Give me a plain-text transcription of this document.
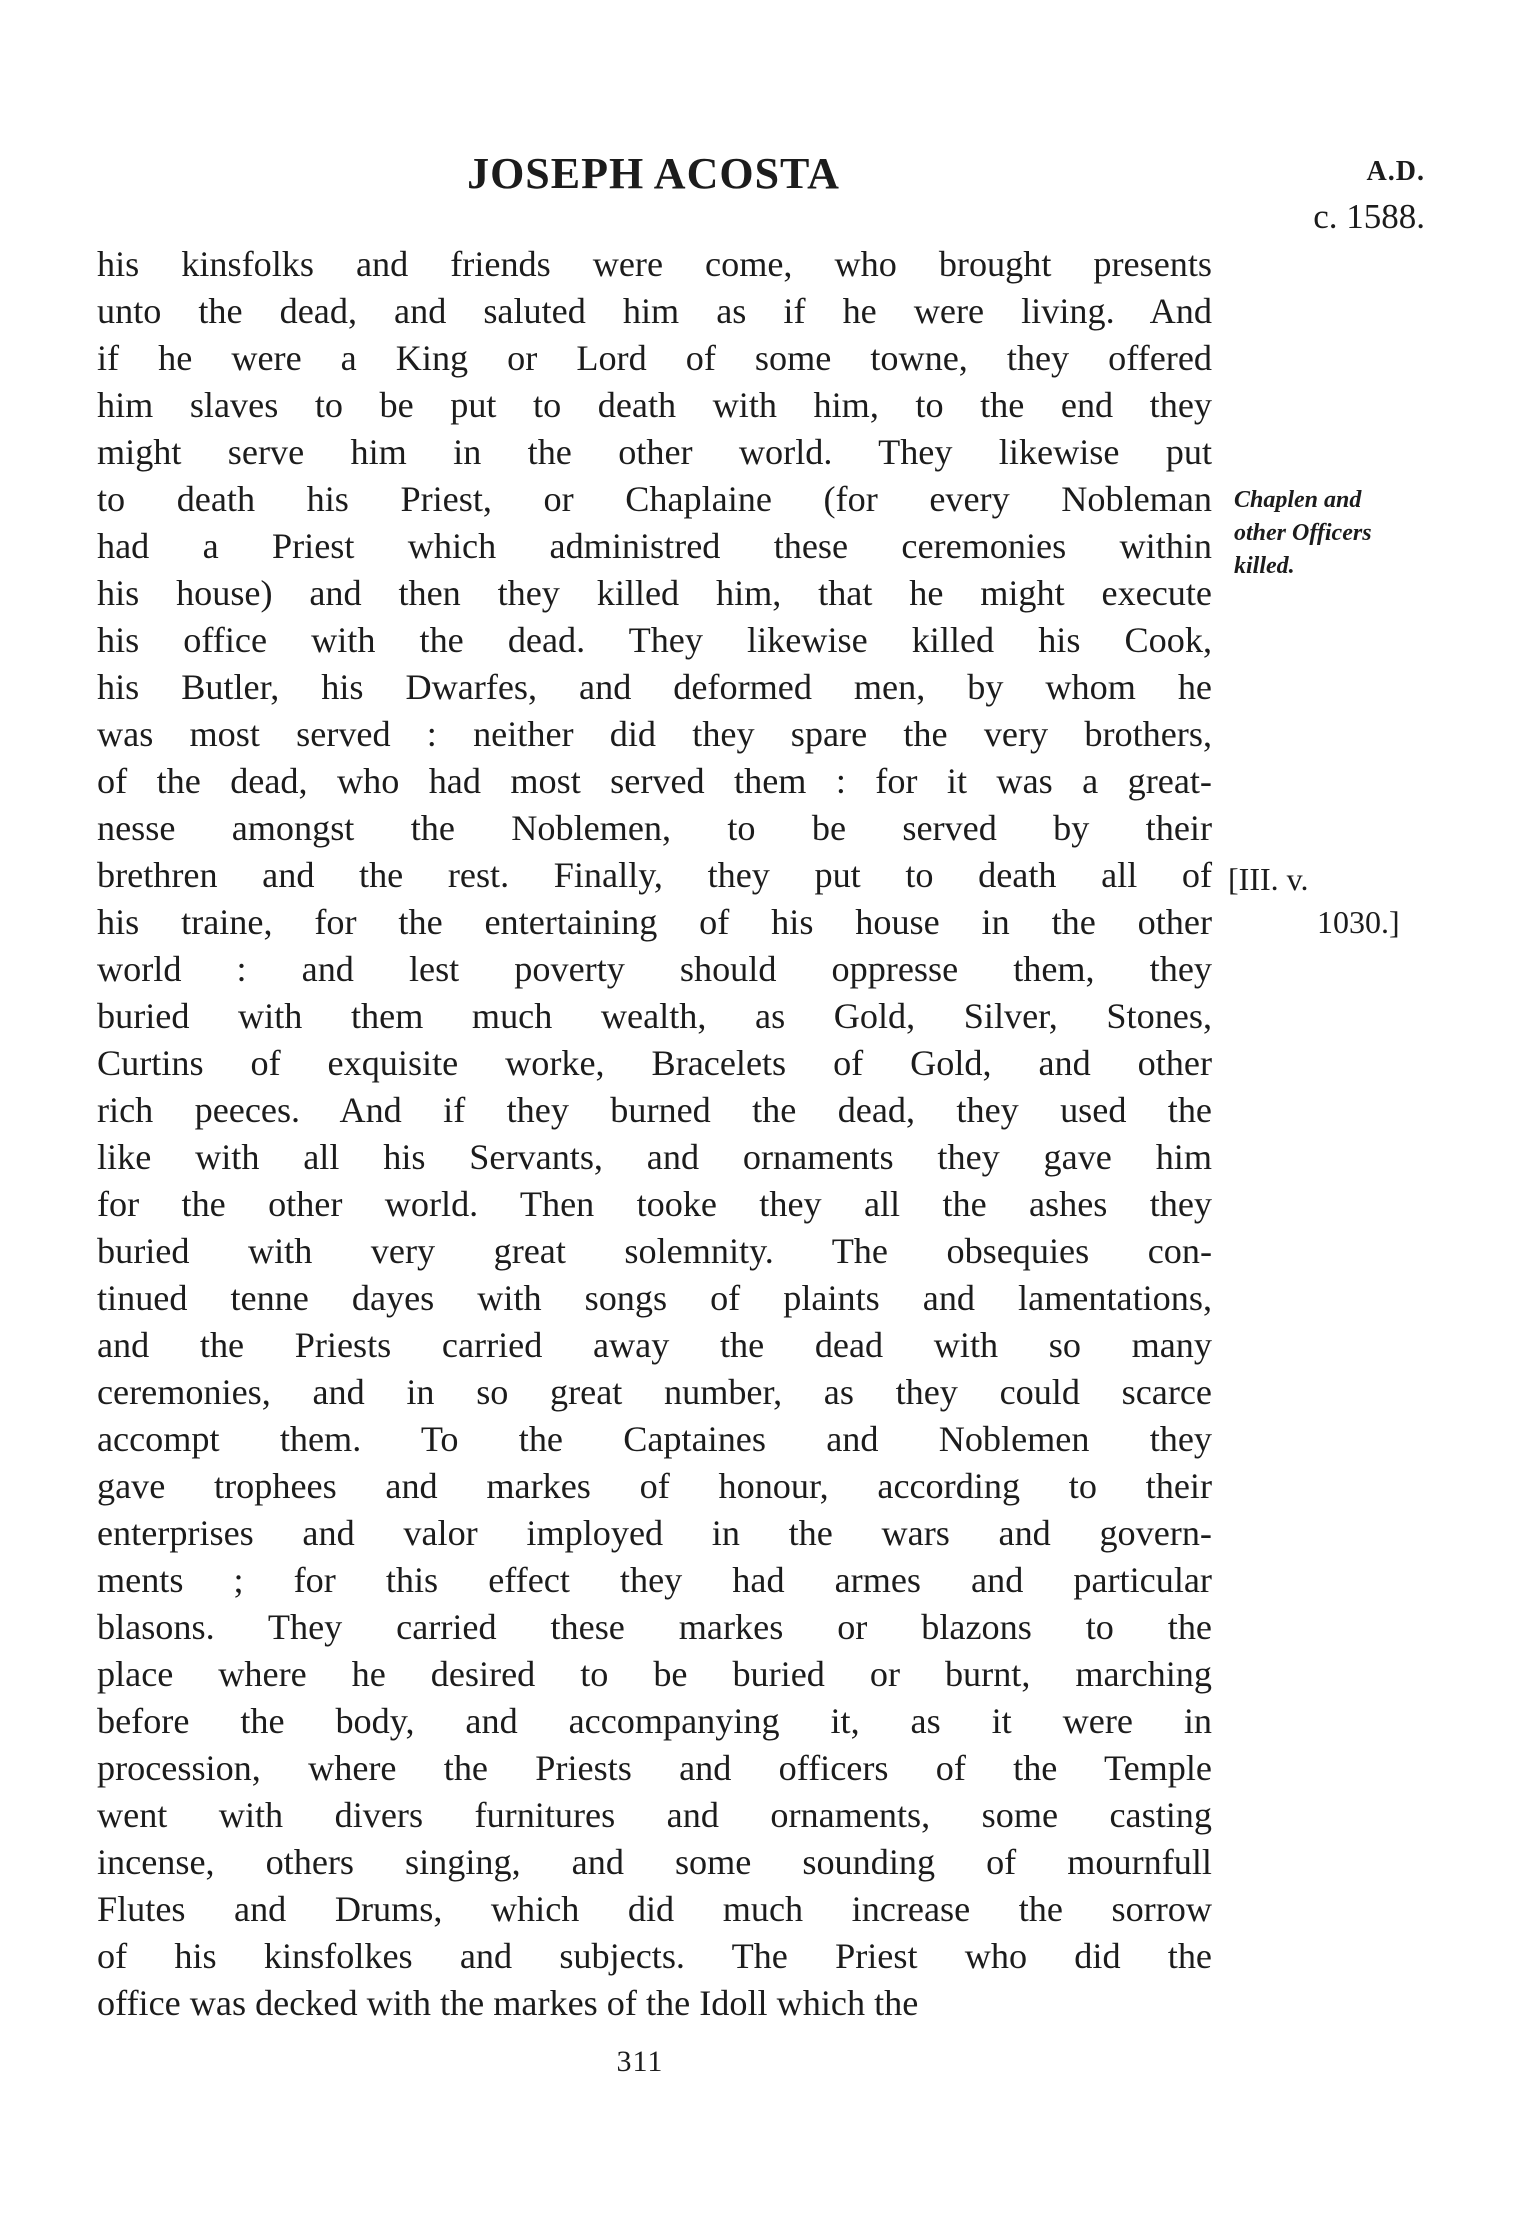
JOSEPH ACOSTA	A.D.
c. 1588.
his kinsfolks and friends were come, who brought presents
unto the dead, and saluted him as if he were living. And
if he were a King or Lord of some towne, they offered
him slaves to be put to death with him, to the end they
might serve him in the other world. They likewise put
to death his Priest, or Chaplaine (for every Nobleman
had a Priest which administred these ceremonies within
his house) and then they killed him, that he might execute
his office with the dead. They likewise killed his Cook,
his Butler, his Dwarfes, and deformed men, by whom he
was most served : neither did they spare the very brothers,
of the dead, who had most served them : for it was a great-
nesse amongst the Noblemen, to be served by their
brethren and the rest. Finally, they put to death all of
his traine, for the entertaining of his house in the other
world : and lest poverty should oppresse them, they
buried with them much wealth, as Gold, Silver, Stones,
Curtins of exquisite worke, Bracelets of Gold, and other
rich peeces. And if they burned the dead, they used the
like with all his Servants, and ornaments they gave him
for the other world. Then tooke they all the ashes they
buried with very great solemnity. The obsequies con-
tinued tenne dayes with songs of plaints and lamentations,
and the Priests carried away the dead with so many
ceremonies, and in so great number, as they could scarce
accompt them. To the Captaines and Noblemen they
gave trophees and markes of honour, according to their
enterprises and valor imployed in the wars and govern-
ments ; for this effect they had armes and particular
blasons. They carried these markes or blazons to the
place where he desired to be buried or burnt, marching
before the body, and accompanying it, as it were in
procession, where the Priests and officers of the Temple
went with divers furnitures and ornaments, some casting
incense, others singing, and some sounding of mournfull
Flutes and Drums, which did much increase the sorrow
of his kinsfolkes and subjects. The Priest who did the
office was decked with the markes of the Idoll which the
Chaplen and
other Officers
killed.
[III. v.
1030.]
311
